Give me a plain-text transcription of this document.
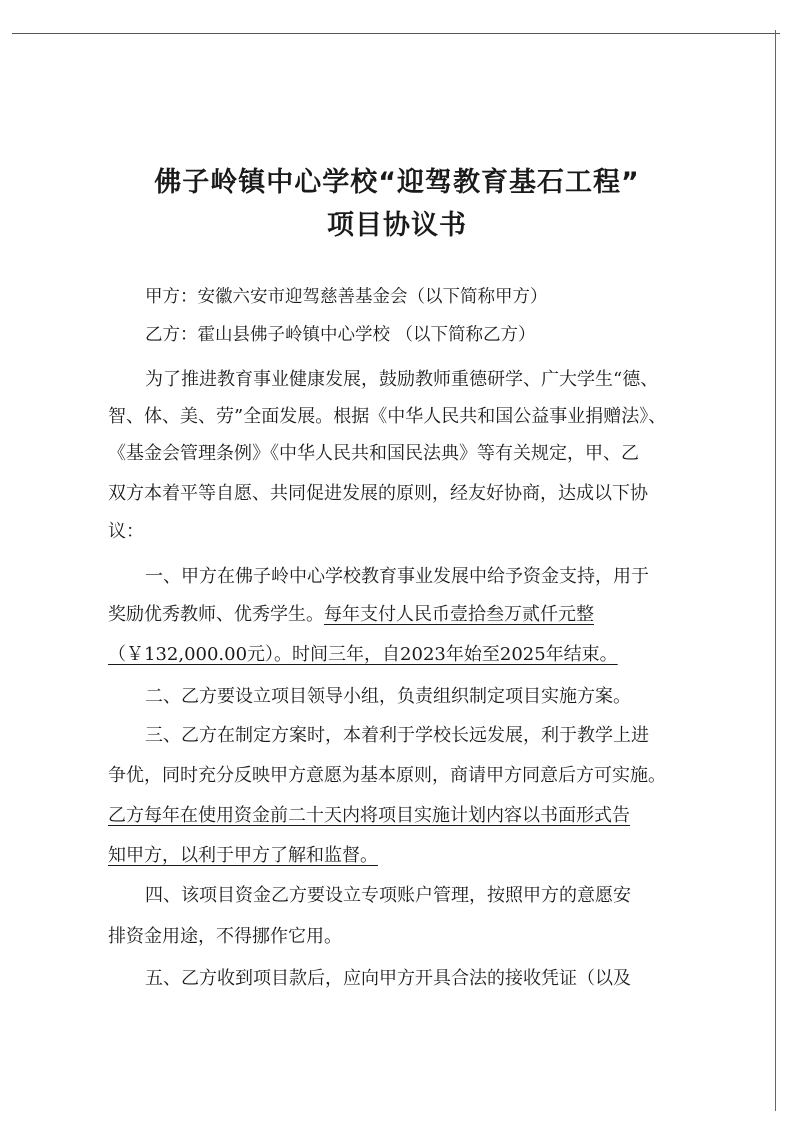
佛子岭镇中心学校“迎驾教育基石工程”
项目协议书
甲方：安徽六安市迎驾慈善基金会（以下简称甲方）
乙方：霍山县佛子岭镇中心学校 （以下简称乙方）
为了推进教育事业健康发展，鼓励教师重德研学、广大学生“德、
智、体、美、劳”全面发展。根据《中华人民共和国公益事业捐赠法》、
《基金会管理条例》《中华人民共和国民法典》等有关规定，甲、乙
双方本着平等自愿、共同促进发展的原则，经友好协商，达成以下协
议：
一、甲方在佛子岭中心学校教育事业发展中给予资金支持，用于
奖励优秀教师、优秀学生。每年支付人民币壹拾叁万贰仟元整
（￥132,000.00元）。时间三年，自2023年始至2025年结束。
二、乙方要设立项目领导小组，负责组织制定项目实施方案。
三、乙方在制定方案时，本着利于学校长远发展，利于教学上进
争优，同时充分反映甲方意愿为基本原则，商请甲方同意后方可实施。
乙方每年在使用资金前二十天内将项目实施计划内容以书面形式告
知甲方，以利于甲方了解和监督。
四、该项目资金乙方要设立专项账户管理，按照甲方的意愿安
排资金用途，不得挪作它用。
五、乙方收到项目款后，应向甲方开具合法的接收凭证（以及
